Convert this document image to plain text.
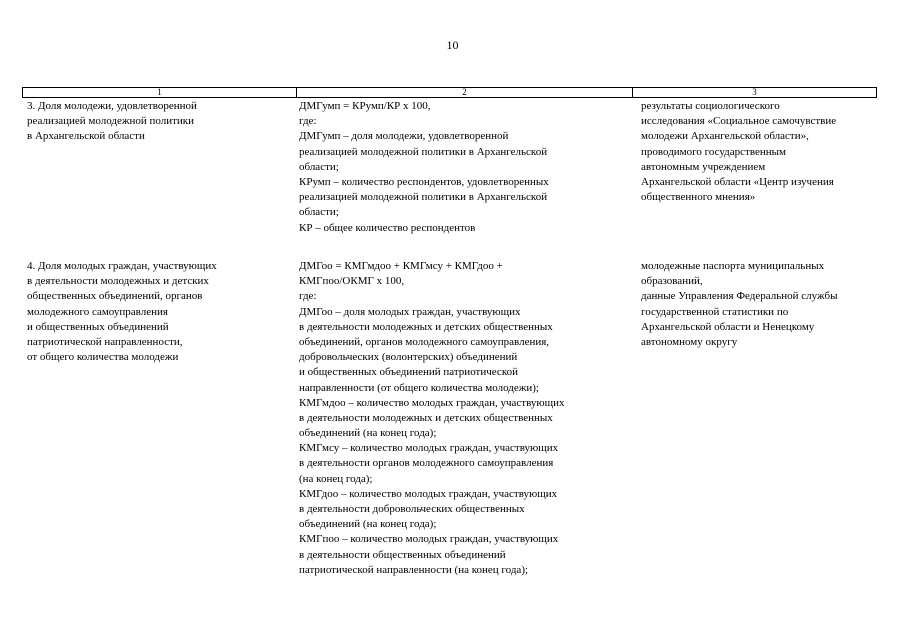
10
1	2	3
3. Доля молодежи, удовлетворенной
реализацией молодежной политики
в Архангельской области
ДМГумп = КРумп/КР x 100,
где:
ДМГумп – доля молодежи, удовлетворенной
реализацией молодежной политики в Архангельской
области;
КРумп – количество респондентов, удовлетворенных
реализацией молодежной политики в Архангельской
области;
КР – общее количество респондентов
результаты социологического
исследования «Социальное самочувствие
молодежи Архангельской области»,
проводимого государственным
автономным учреждением
Архангельской области «Центр изучения
общественного мнения»
4. Доля молодых граждан, участвующих
в деятельности молодежных и детских
общественных объединений, органов
молодежного самоуправления
и общественных объединений
патриотической направленности,
от общего количества молодежи
ДМГоо = КМГмдоо + КМГмсу + КМГдоо +
КМГпоо/ОКМГ x 100,
где:
ДМГоо – доля молодых граждан, участвующих
в деятельности молодежных и детских общественных
объединений, органов молодежного самоуправления,
добровольческих (волонтерских) объединений
и общественных объединений патриотической
направленности (от общего количества молодежи);
КМГмдоо – количество молодых граждан, участвующих
в деятельности молодежных и детских общественных
объединений (на конец года);
КМГмсу – количество молодых граждан, участвующих
в деятельности органов молодежного самоуправления
(на конец года);
КМГдоо – количество молодых граждан, участвующих
в деятельности добровольческих общественных
объединений (на конец года);
КМГпоо – количество молодых граждан, участвующих
в деятельности общественных объединений
патриотической направленности (на конец года);
молодежные паспорта муниципальных
образований,
данные Управления Федеральной службы
государственной статистики по
Архангельской области и Ненецкому
автономному округу
